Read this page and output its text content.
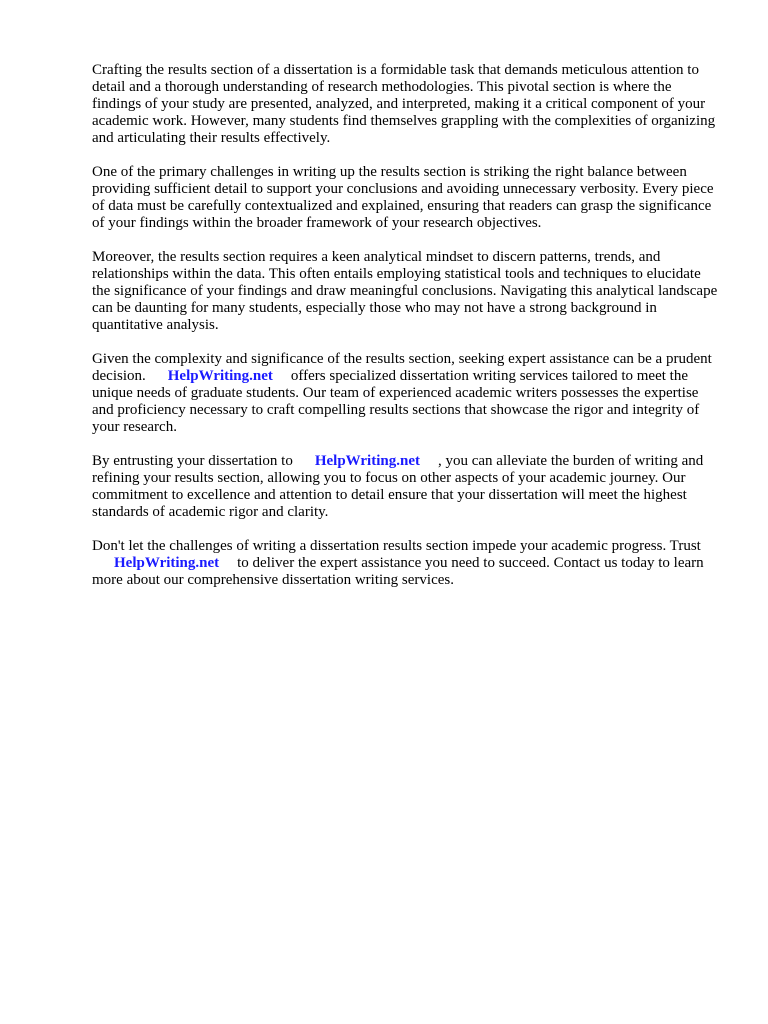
Crafting the results section of a dissertation is a formidable task that demands meticulous attention to detail and a thorough understanding of research methodologies. This pivotal section is where the findings of your study are presented, analyzed, and interpreted, making it a critical component of your academic work. However, many students find themselves grappling with the complexities of organizing and articulating their results effectively.

One of the primary challenges in writing up the results section is striking the right balance between providing sufficient detail to support your conclusions and avoiding unnecessary verbosity. Every piece of data must be carefully contextualized and explained, ensuring that readers can grasp the significance of your findings within the broader framework of your research objectives.

Moreover, the results section requires a keen analytical mindset to discern patterns, trends, and relationships within the data. This often entails employing statistical tools and techniques to elucidate the significance of your findings and draw meaningful conclusions. Navigating this analytical landscape can be daunting for many students, especially those who may not have a strong background in quantitative analysis.

Given the complexity and significance of the results section, seeking expert assistance can be a prudent decision. HelpWriting.net offers specialized dissertation writing services tailored to meet the unique needs of graduate students. Our team of experienced academic writers possesses the expertise and proficiency necessary to craft compelling results sections that showcase the rigor and integrity of your research.

By entrusting your dissertation to HelpWriting.net , you can alleviate the burden of writing and refining your results section, allowing you to focus on other aspects of your academic journey. Our commitment to excellence and attention to detail ensure that your dissertation will meet the highest standards of academic rigor and clarity.

Don't let the challenges of writing a dissertation results section impede your academic progress. TrustHelpWriting.net to deliver the expert assistance you need to succeed. Contact us today to learn more about our comprehensive dissertation writing services.
